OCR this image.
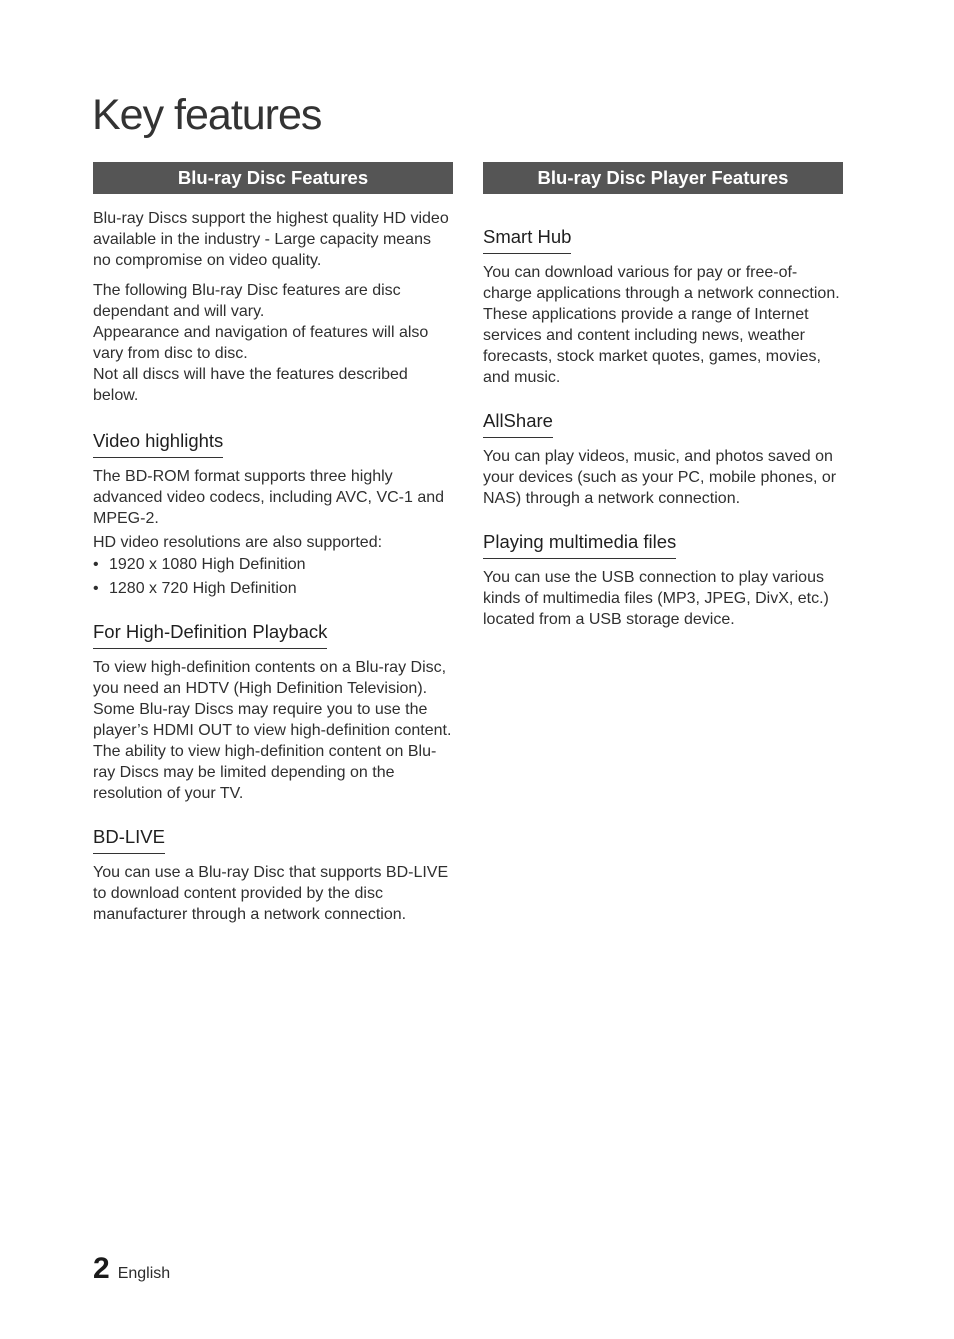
Key features
Blu-ray Disc Features

Blu-ray Discs support the highest quality HD video available in the industry - Large capacity means no compromise on video quality.

The following Blu-ray Disc features are disc dependant and will vary.

Appearance and navigation of features will also vary from disc to disc.

Not all discs will have the features described below.

Video highlights

The BD-ROM format supports three highly advanced video codecs, including AVC, VC-1 and MPEG-2.

HD video resolutions are also supported:

• 1920 x 1080 High Definition
• 1280 x 720 High Definition
For High-Definition Playback

To view high-definition contents on a Blu-ray Disc, you need an HDTV (High Definition Television). Some Blu-ray Discs may require you to use the player’s HDMI OUT to view high-definition content. The ability to view high-definition content on Blu-ray Discs may be limited depending on the resolution of your TV.

BD-LIVE

You can use a Blu-ray Disc that supports BD-LIVE to download content provided by the disc manufacturer through a network connection.

Blu-ray Disc Player Features
Smart Hub

You can download various for pay or free-of-charge applications through a network connection. These applications provide a range of Internet services and content including news, weather forecasts, stock market quotes, games, movies, and music.

AllShare

You can play videos, music, and photos saved on your devices (such as your PC, mobile phones, or NAS) through a network connection.

Playing multimedia files

You can use the USB connection to play various kinds of multimedia files (MP3, JPEG, DivX, etc.) located from a USB storage device.

2 English
